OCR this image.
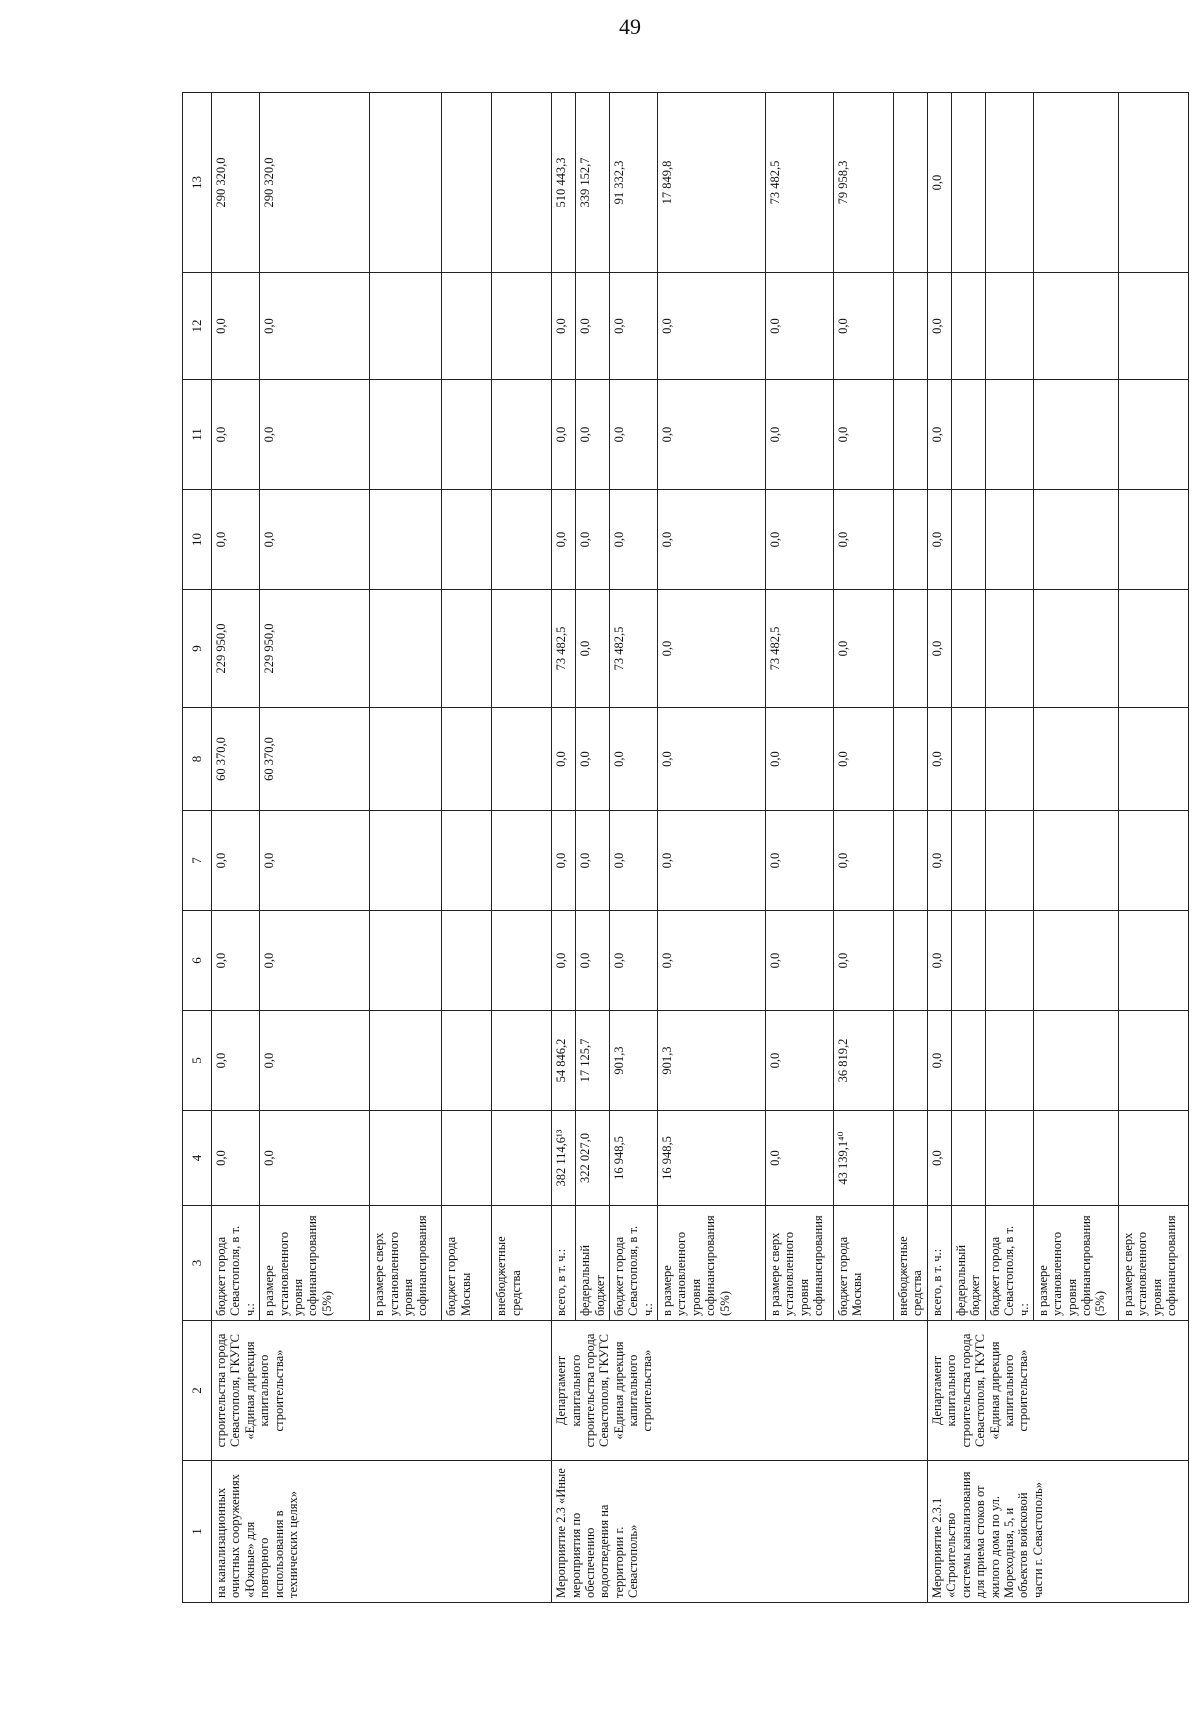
49
1	2	3	4	5	6	7	8	9	10	11	12	13
на канализационных очистных сооружениях «Южные» для повторного использования в технических целях»	строительства города Севастополя, ГКУГС «Единая дирекция капитального строительства»	бюджет города Севастополя, в т. ч.:	0,0	0,0	0,0	0,0	60 370,0	229 950,0	0,0	0,0	0,0	290 320,0
		в размере установленного уровня софинансирования (5%)	0,0	0,0	0,0	0,0	60 370,0	229 950,0	0,0	0,0	0,0	290 320,0
		в размере сверх установленного уровня софинансирования										
		бюджет города Москвы										
		внебюджетные средства										
Мероприятие 2.3 «Иные мероприятия по обеспечению водоотведения на территории г. Севастополь»	Департамент капитального строительства города Севастополя, ГКУГС «Единая дирекция капитального строительства»	всего, в т. ч.:	382 114,6¹³	54 846,2	0,0	0,0	0,0	73 482,5	0,0	0,0	0,0	510 443,3
		федеральный бюджет	322 027,0	17 125,7	0,0	0,0	0,0	0,0	0,0	0,0	0,0	339 152,7
		бюджет города Севастополя, в т. ч.:	16 948,5	901,3	0,0	0,0	0,0	73 482,5	0,0	0,0	0,0	91 332,3
		в размере установленного уровня софинансирования (5%)	16 948,5	901,3	0,0	0,0	0,0	0,0	0,0	0,0	0,0	17 849,8
		в размере сверх установленного уровня софинансирования	0,0	0,0	0,0	0,0	0,0	73 482,5	0,0	0,0	0,0	73 482,5
		бюджет города Москвы	43 139,1⁴⁰	36 819,2	0,0	0,0	0,0	0,0	0,0	0,0	0,0	79 958,3
		внебюджетные средства										
Мероприятие 2.3.1 «Строительство системы канализования для приема стоков от жилого дома по ул. Мореходная, 5, и объектов войсковой части г. Севастополь»	Департамент капитального строительства города Севастополя, ГКУГС «Единая дирекция капитального строительства»	всего, в т. ч.:	0,0	0,0	0,0	0,0	0,0	0,0	0,0	0,0	0,0	0,0
		федеральный бюджет										
		бюджет города Севастополя, в т. ч.:										
		в размере установленного уровня софинансирования (5%)										
		в размере сверх установленного уровня софинансирования										
